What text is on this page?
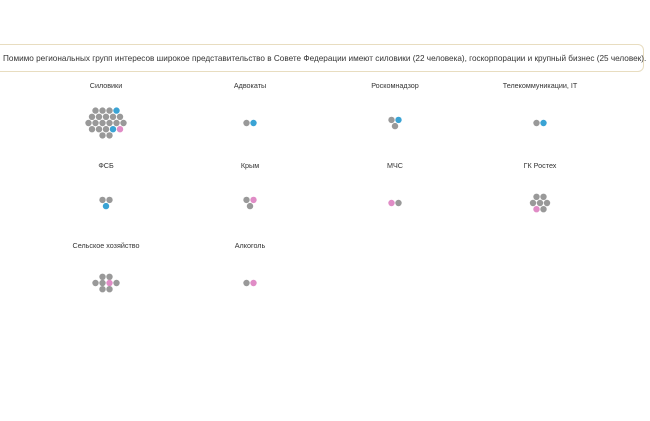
Помимо региональных групп интересов широкое представительство в Совете Федерации имеют силовики (22 человека), госкорпорации и крупный бизнес (25 человек).
Силовики	Адвокаты	Роскомнадзор	Телекоммуникации, IT
ФСБ	Крым	МЧС	ГК Ростех
Сельское хозяйство	Алкоголь
